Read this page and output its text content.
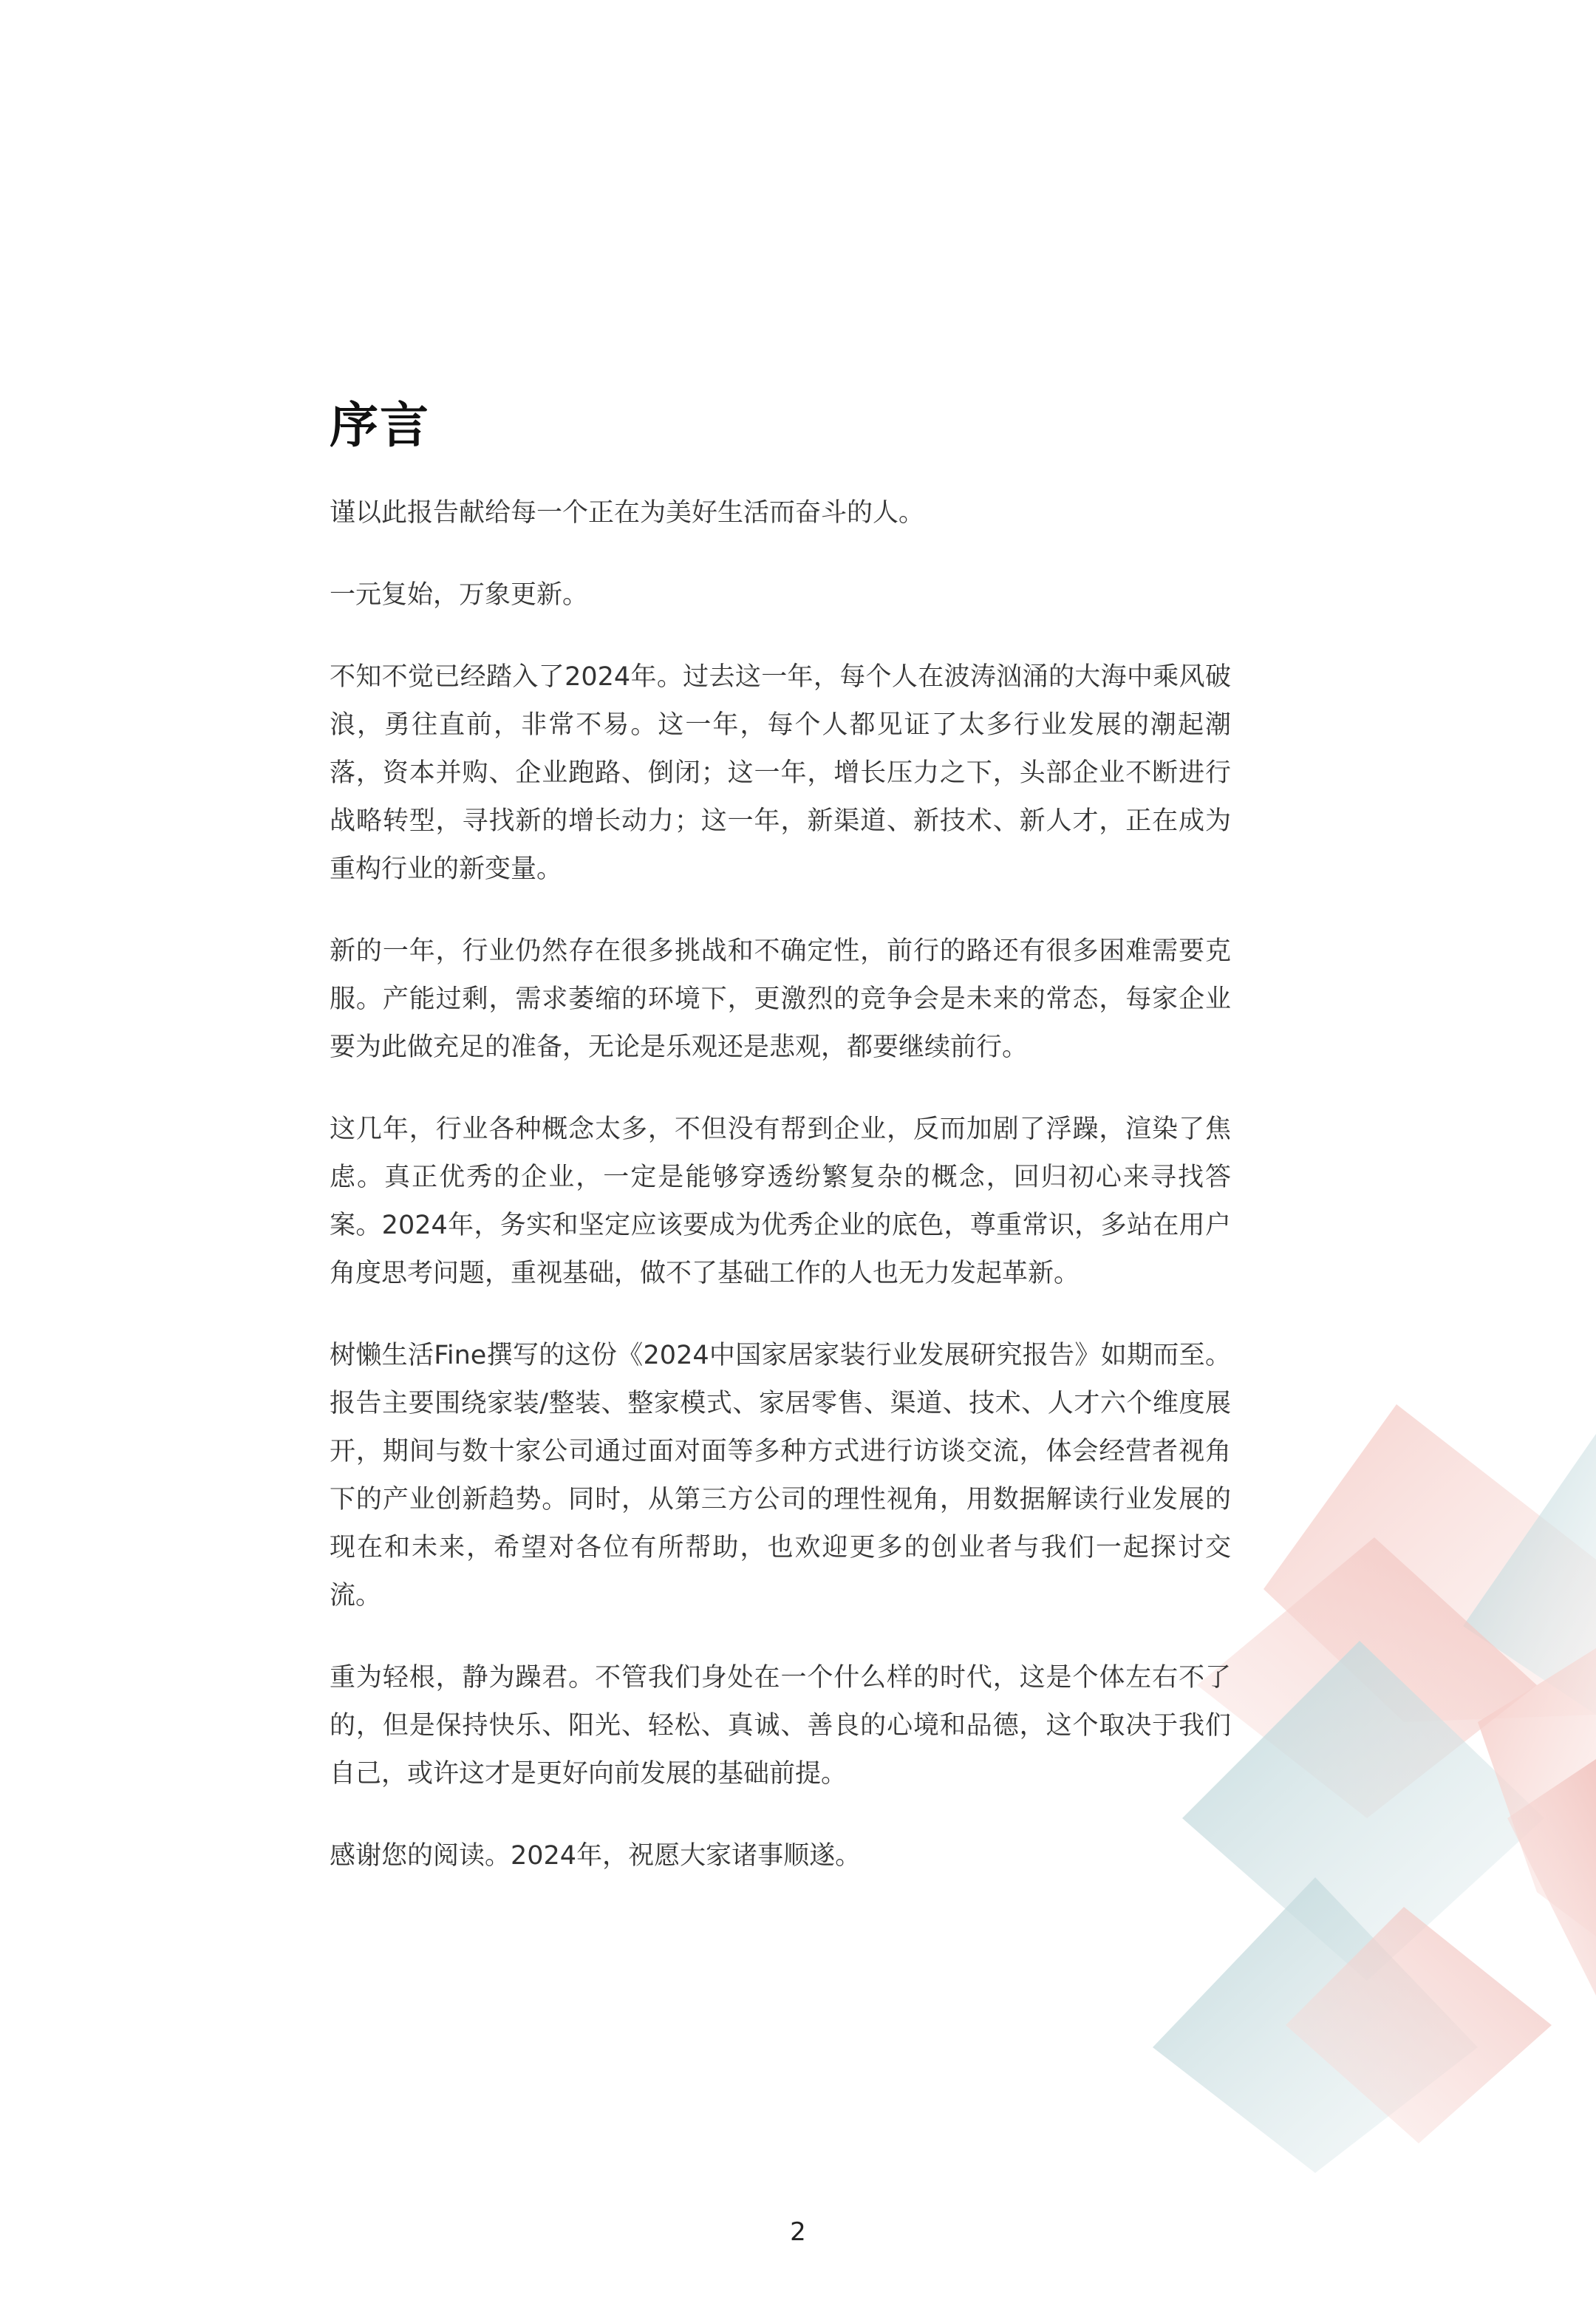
序言

谨以此报告献给每一个正在为美好生活而奋斗的人。

一元复始，万象更新。

不知不觉已经踏入了2024年。过去这一年，每个人在波涛汹涌的大海中乘风破浪，勇往直前，非常不易。这一年，每个人都见证了太多行业发展的潮起潮落，资本并购、企业跑路、倒闭；这一年，增长压力之下，头部企业不断进行战略转型，寻找新的增长动力；这一年，新渠道、新技术、新人才，正在成为重构行业的新变量。

新的一年，行业仍然存在很多挑战和不确定性，前行的路还有很多困难需要克服。产能过剩，需求萎缩的环境下，更激烈的竞争会是未来的常态，每家企业要为此做充足的准备，无论是乐观还是悲观，都要继续前行。

这几年，行业各种概念太多，不但没有帮到企业，反而加剧了浮躁，渲染了焦虑。真正优秀的企业，一定是能够穿透纷繁复杂的概念，回归初心来寻找答案。2024年，务实和坚定应该要成为优秀企业的底色，尊重常识，多站在用户角度思考问题，重视基础，做不了基础工作的人也无力发起革新。

树懒生活Fine撰写的这份《2024中国家居家装行业发展研究报告》如期而至。报告主要围绕家装/整装、整家模式、家居零售、渠道、技术、人才六个维度展开，期间与数十家公司通过面对面等多种方式进行访谈交流，体会经营者视角下的产业创新趋势。同时，从第三方公司的理性视角，用数据解读行业发展的现在和未来，希望对各位有所帮助，也欢迎更多的创业者与我们一起探讨交流。

重为轻根，静为躁君。不管我们身处在一个什么样的时代，这是个体左右不了的，但是保持快乐、阳光、轻松、真诚、善良的心境和品德，这个取决于我们自己，或许这才是更好向前发展的基础前提。

感谢您的阅读。2024年，祝愿大家诸事顺遂。

2
